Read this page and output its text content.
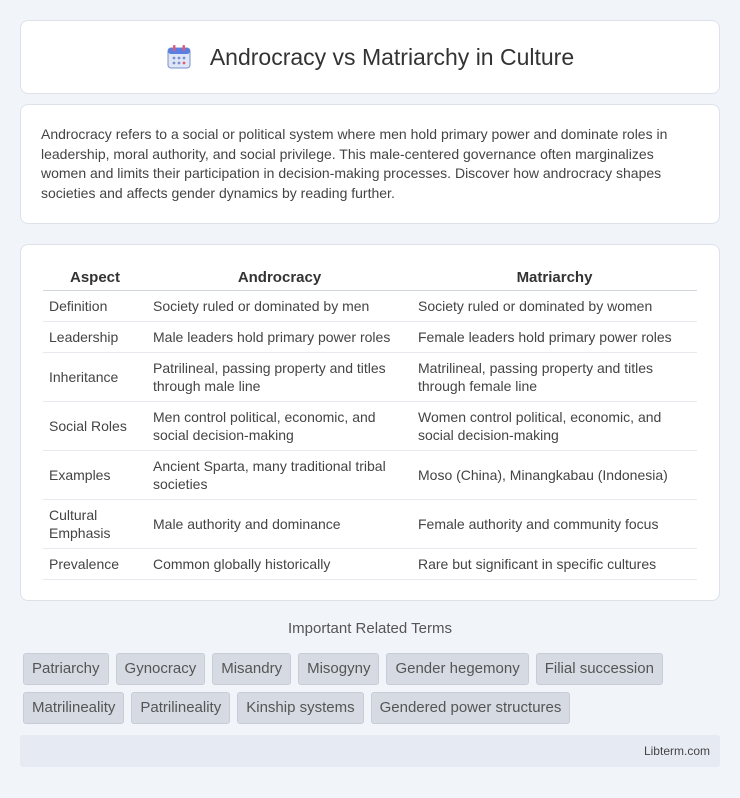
Androcracy vs Matriarchy in Culture

Androcracy refers to a social or political system where men hold primary power and dominate roles in leadership, moral authority, and social privilege. This male-centered governance often marginalizes women and limits their participation in decision-making processes. Discover how androcracy shapes societies and affects gender dynamics by reading further.

Aspect	Androcracy	Matriarchy
Definition	Society ruled or dominated by men	Society ruled or dominated by women
Leadership	Male leaders hold primary power roles	Female leaders hold primary power roles
Inheritance	Patrilineal, passing property and titles through male line	Matrilineal, passing property and titles through female line
Social Roles	Men control political, economic, and social decision-making	Women control political, economic, and social decision-making
Examples	Ancient Sparta, many traditional tribal societies	Moso (China), Minangkabau (Indonesia)
Cultural Emphasis	Male authority and dominance	Female authority and community focus
Prevalence	Common globally historically	Rare but significant in specific cultures
Important Related Terms
Patriarchy	Gynocracy	Misandry	Misogyny	Gender hegemony	Filial succession
Matrilineality	Patrilineality	Kinship systems	Gendered power structures
Libterm.com
